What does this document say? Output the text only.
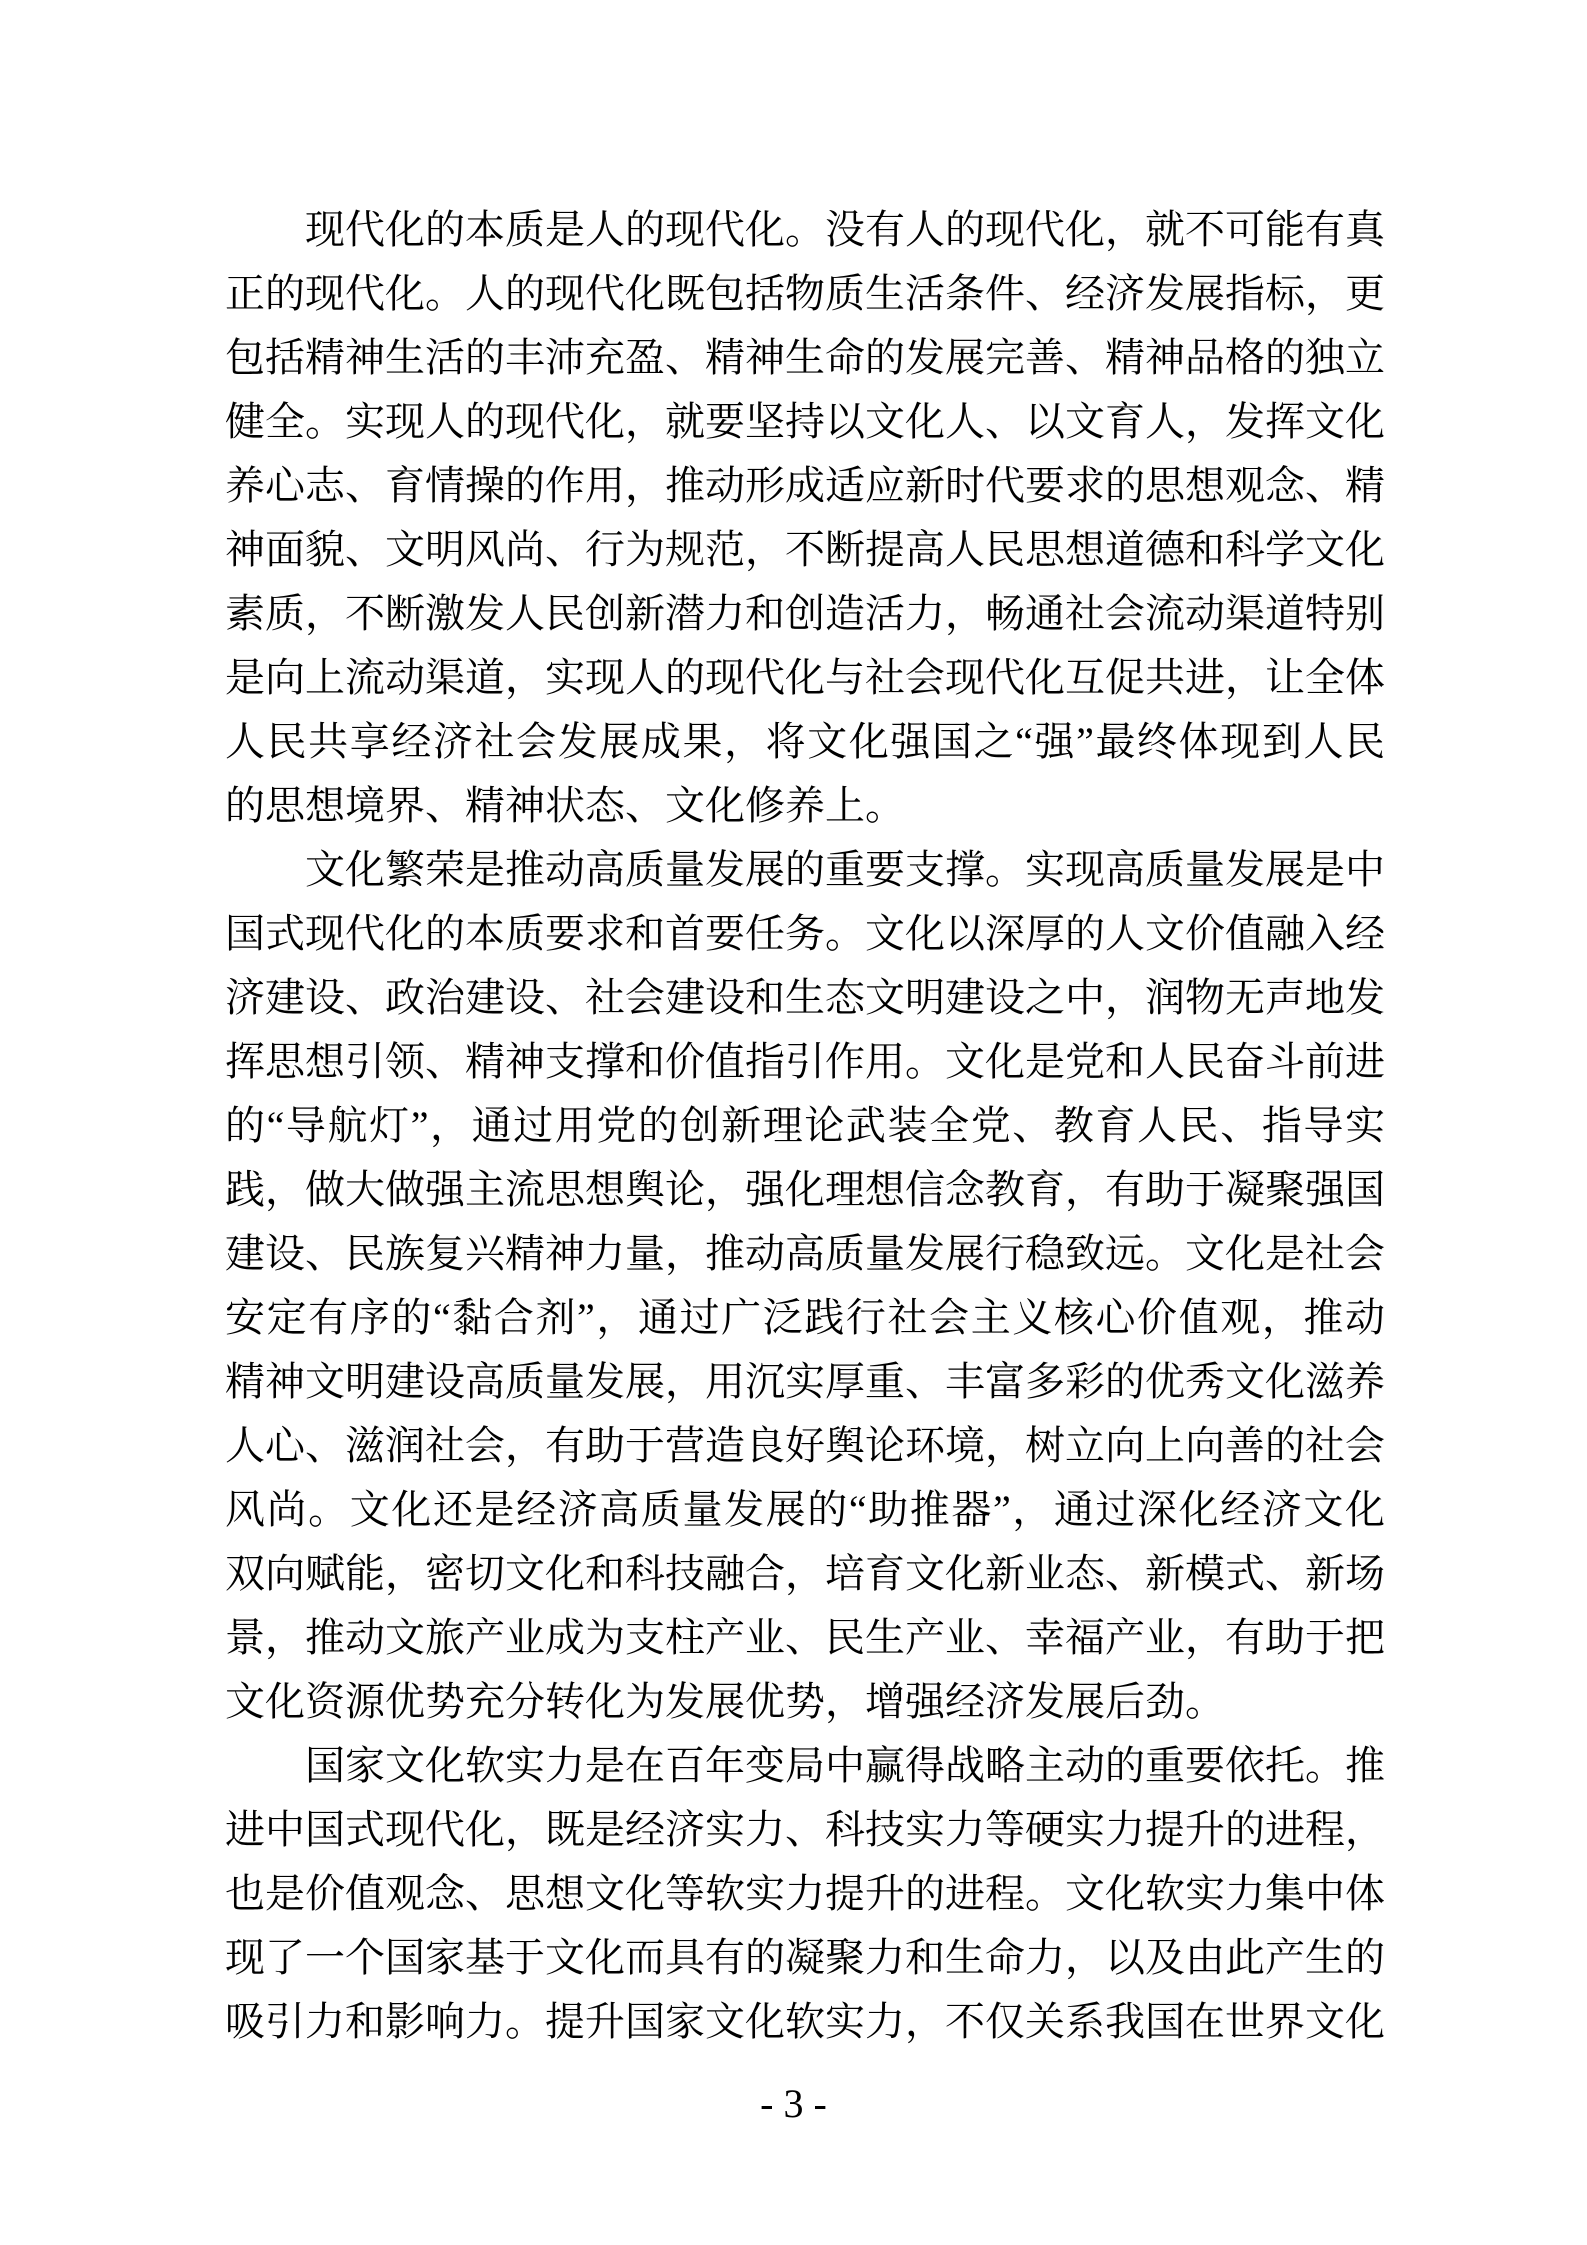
现代化的本质是人的现代化。没有人的现代化，就不可能有真
正的现代化。人的现代化既包括物质生活条件、经济发展指标，更
包括精神生活的丰沛充盈、精神生命的发展完善、精神品格的独立
健全。实现人的现代化，就要坚持以文化人、以文育人，发挥文化
养心志、育情操的作用，推动形成适应新时代要求的思想观念、精
神面貌、文明风尚、行为规范，不断提高人民思想道德和科学文化
素质，不断激发人民创新潜力和创造活力，畅通社会流动渠道特别
是向上流动渠道，实现人的现代化与社会现代化互促共进，让全体
人民共享经济社会发展成果，将文化强国之“强”最终体现到人民
的思想境界、精神状态、文化修养上。
文化繁荣是推动高质量发展的重要支撑。实现高质量发展是中
国式现代化的本质要求和首要任务。文化以深厚的人文价值融入经
济建设、政治建设、社会建设和生态文明建设之中，润物无声地发
挥思想引领、精神支撑和价值指引作用。文化是党和人民奋斗前进
的“导航灯”，通过用党的创新理论武装全党、教育人民、指导实
践，做大做强主流思想舆论，强化理想信念教育，有助于凝聚强国
建设、民族复兴精神力量，推动高质量发展行稳致远。文化是社会
安定有序的“黏合剂”，通过广泛践行社会主义核心价值观，推动
精神文明建设高质量发展，用沉实厚重、丰富多彩的优秀文化滋养
人心、滋润社会，有助于营造良好舆论环境，树立向上向善的社会
风尚。文化还是经济高质量发展的“助推器”，通过深化经济文化
双向赋能，密切文化和科技融合，培育文化新业态、新模式、新场
景，推动文旅产业成为支柱产业、民生产业、幸福产业，有助于把
文化资源优势充分转化为发展优势，增强经济发展后劲。
国家文化软实力是在百年变局中赢得战略主动的重要依托。推
进中国式现代化，既是经济实力、科技实力等硬实力提升的进程，
也是价值观念、思想文化等软实力提升的进程。文化软实力集中体
现了一个国家基于文化而具有的凝聚力和生命力，以及由此产生的
吸引力和影响力。提升国家文化软实力，不仅关系我国在世界文化
- 3 -
